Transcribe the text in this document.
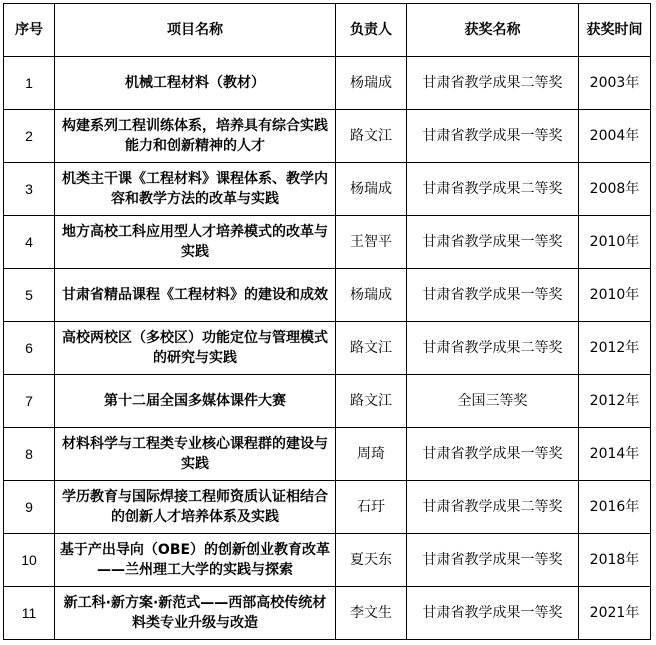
序号	项目名称	负责人	获奖名称	获奖时间
1	机械工程材料（教材）	杨瑞成	甘肃省教学成果二等奖	2003年
2	构建系列工程训练体系，培养具有综合实践能力和创新精神的人才	路文江	甘肃省教学成果一等奖	2004年
3	机类主干课《工程材料》课程体系、教学内容和教学方法的改革与实践	杨瑞成	甘肃省教学成果二等奖	2008年
4	地方高校工科应用型人才培养模式的改革与实践	王智平	甘肃省教学成果一等奖	2010年
5	甘肃省精品课程《工程材料》的建设和成效	杨瑞成	甘肃省教学成果一等奖	2010年
6	高校两校区（多校区）功能定位与管理模式的研究与实践	路文江	甘肃省教学成果二等奖	2012年
7	第十二届全国多媒体课件大赛	路文江	全国三等奖	2012年
8	材料科学与工程类专业核心课程群的建设与实践	周琦	甘肃省教学成果一等奖	2014年
9	学历教育与国际焊接工程师资质认证相结合的创新人才培养体系及实践	石玗	甘肃省教学成果二等奖	2016年
10	基于产出导向（OBE）的创新创业教育改革——兰州理工大学的实践与探索	夏天东	甘肃省教学成果一等奖	2018年
11	新工科·新方案·新范式——西部高校传统材料类专业升级与改造	李文生	甘肃省教学成果一等奖	2021年
